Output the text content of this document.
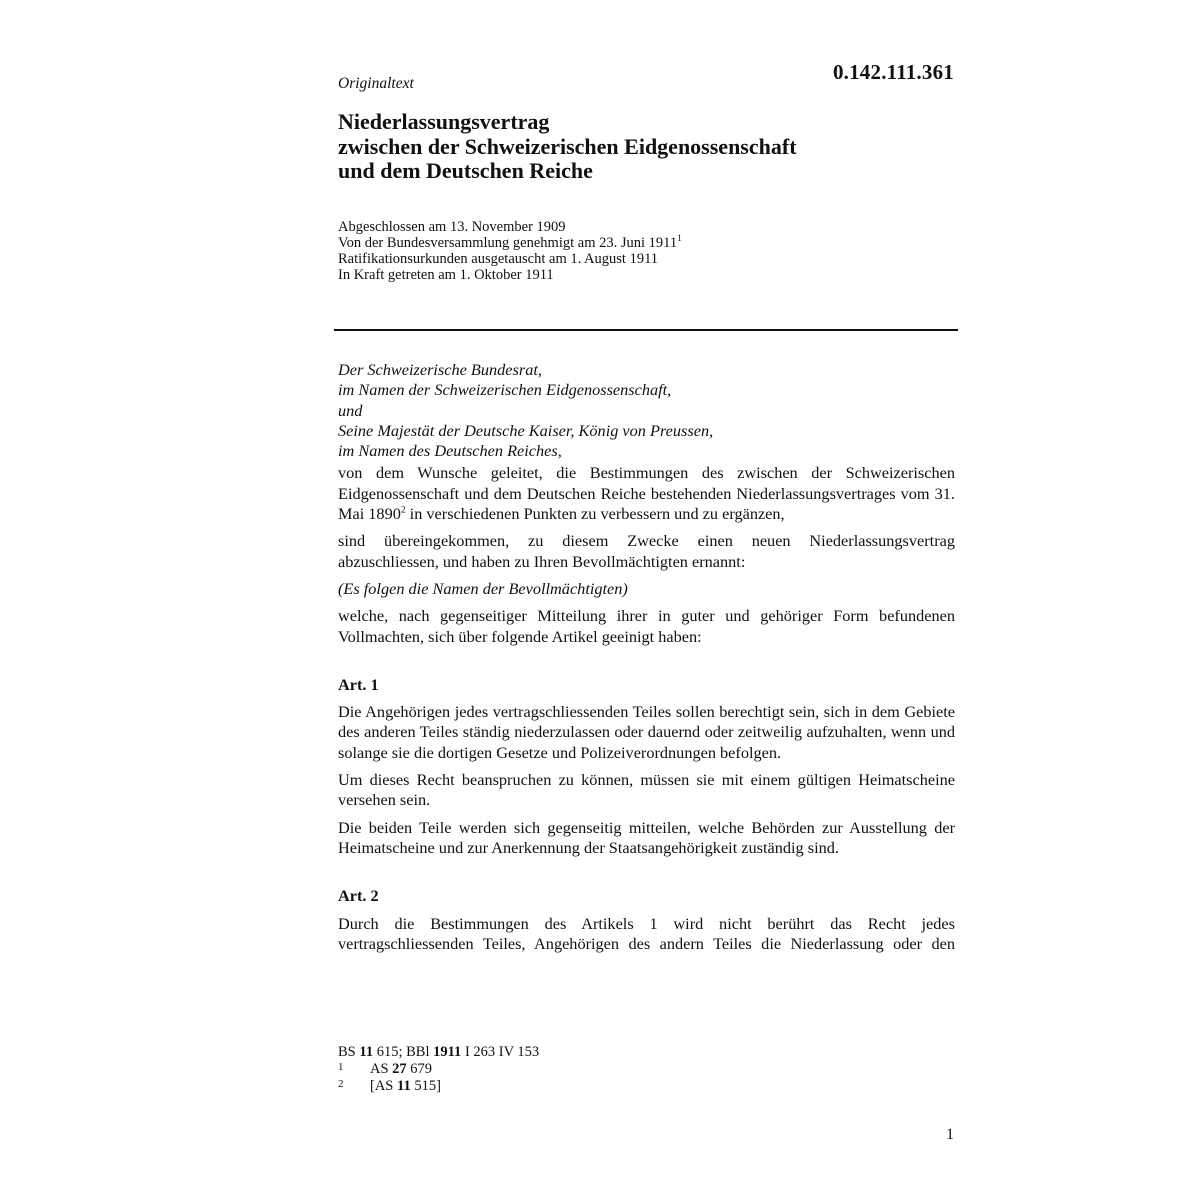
0.142.111.361
Originaltext
Niederlassungsvertrag
zwischen der Schweizerischen Eidgenossenschaft
und dem Deutschen Reiche
Abgeschlossen am 13. November 1909
Von der Bundesversammlung genehmigt am 23. Juni 1911$^1$
Ratifikationsurkunden ausgetauscht am 1. August 1911
In Kraft getreten am 1. Oktober 1911
Der Schweizerische Bundesrat,
im Namen der Schweizerischen Eidgenossenschaft,
und
Seine Majestät der Deutsche Kaiser, König von Preussen,
im Namen des Deutschen Reiches,

von dem Wunsche geleitet, die Bestimmungen des zwischen der Schweizerischen Eidgenossenschaft und dem Deutschen Reiche bestehenden Niederlassungsvertrages vom 31. Mai 1890$^2$ in verschiedenen Punkten zu verbessern und zu ergänzen,

sind übereingekommen, zu diesem Zwecke einen neuen Niederlassungsvertrag abzuschliessen, und haben zu Ihren Bevollmächtigten ernannt:

(Es folgen die Namen der Bevollmächtigten)

welche, nach gegenseitiger Mitteilung ihrer in guter und gehöriger Form befundenen Vollmachten, sich über folgende Artikel geeinigt haben:

Art. 1

Die Angehörigen jedes vertragschliessenden Teiles sollen berechtigt sein, sich in dem Gebiete des anderen Teiles ständig niederzulassen oder dauernd oder zeitweilig aufzuhalten, wenn und solange sie die dortigen Gesetze und Polizeiverordnungen befolgen.

Um dieses Recht beanspruchen zu können, müssen sie mit einem gültigen Heimatscheine versehen sein.

Die beiden Teile werden sich gegenseitig mitteilen, welche Behörden zur Ausstellung der Heimatscheine und zur Anerkennung der Staatsangehörigkeit zuständig sind.

Art. 2

Durch die Bestimmungen des Artikels 1 wird nicht berührt das Recht jedes vertragschliessenden Teiles, Angehörigen des andern Teiles die Niederlassung oder den

BS 11 615; BBl 1911 I 263 IV 153
1	AS 27 679
2	[AS 11 515]
1
